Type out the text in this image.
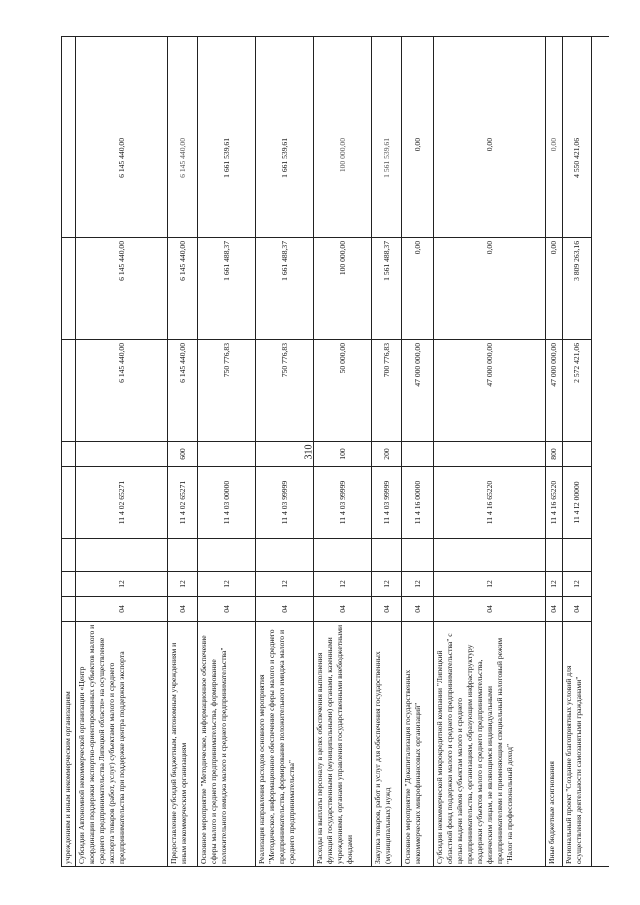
310
учреждениям и иным некоммерческим организациям Субсидии Автономной некоммерческой организации «Центр координации поддержки экспортно-ориентированных субъектов малого и среднего предпринимательства Липецкой области» на осуществление экспорта товаров (работ, услуг) субъектами малого и среднего предпринимательства при поддержке центра поддержки экспорта
04
12
11 4 02 65271
6 145 440,00
6 145 440,00
6 145 440,00
Предоставление субсидий бюджетным, автономным учреждениям и иным некоммерческим организациям
04
12
11 4 02 65271
600
6 145 440,00
6 145 440,00
6 145 440,00
Основное мероприятие "Методическое, информационное обеспечение сферы малого и среднего предпринимательства, формирование положительного имиджа малого и среднего предпринимательства"
04
12
11 4 03 00000
750 776,83
1 661 488,37
1 661 539,61
Реализация направления расходов основного мероприятия "Методическое, информационное обеспечение сферы малого и среднего предпринимательства, формирование положительного имиджа малого и среднего предпринимательства"
04
12
11 4 03 99999
750 776,83
1 661 488,37
1 661 539,61
Расходы на выплаты персоналу в целях обеспечения выполнения функций государственными (муниципальными) органами, казенными учреждениями, органами управления государственными внебюджетными фондами
04
12
11 4 03 99999
100
50 000,00
100 000,00
100 000,00
Закупка товаров, работ и услуг для обеспечения государственных (муниципальных) нужд
04
12
11 4 03 99999
200
700 776,83
1 561 488,37
1 561 539,61
Основное мероприятие "Докапитализация государственных некоммерческих микрофинансовых организаций"
04
12
11 4 16 00000
47 000 000,00
0,00
0,00
Субсидии некоммерческой микрокредитной компании "Липецкий областной фонд поддержки малого и среднего предпринимательства" с целью выдачи займов субъектам малого и среднего предпринимательства, организациям, образующим инфраструктуру поддержки субъектов малого и среднего предпринимательства, физическим лицам, не являющимся индивидуальными предпринимателями и применяющим специальный налоговый режим "Налог на профессиональный доход"
04
12
11 4 16 65220
47 000 000,00
0,00
0,00
Иные бюджетные ассигнования
04
12
11 4 16 65220
800
47 000 000,00
0,00
0,00
Региональный проект "Создание благоприятных условий для осуществления деятельности самозанятыми гражданами"
04
12
11 4 I2 00000
2 572 421,06
3 809 263,16
4 550 421,06
